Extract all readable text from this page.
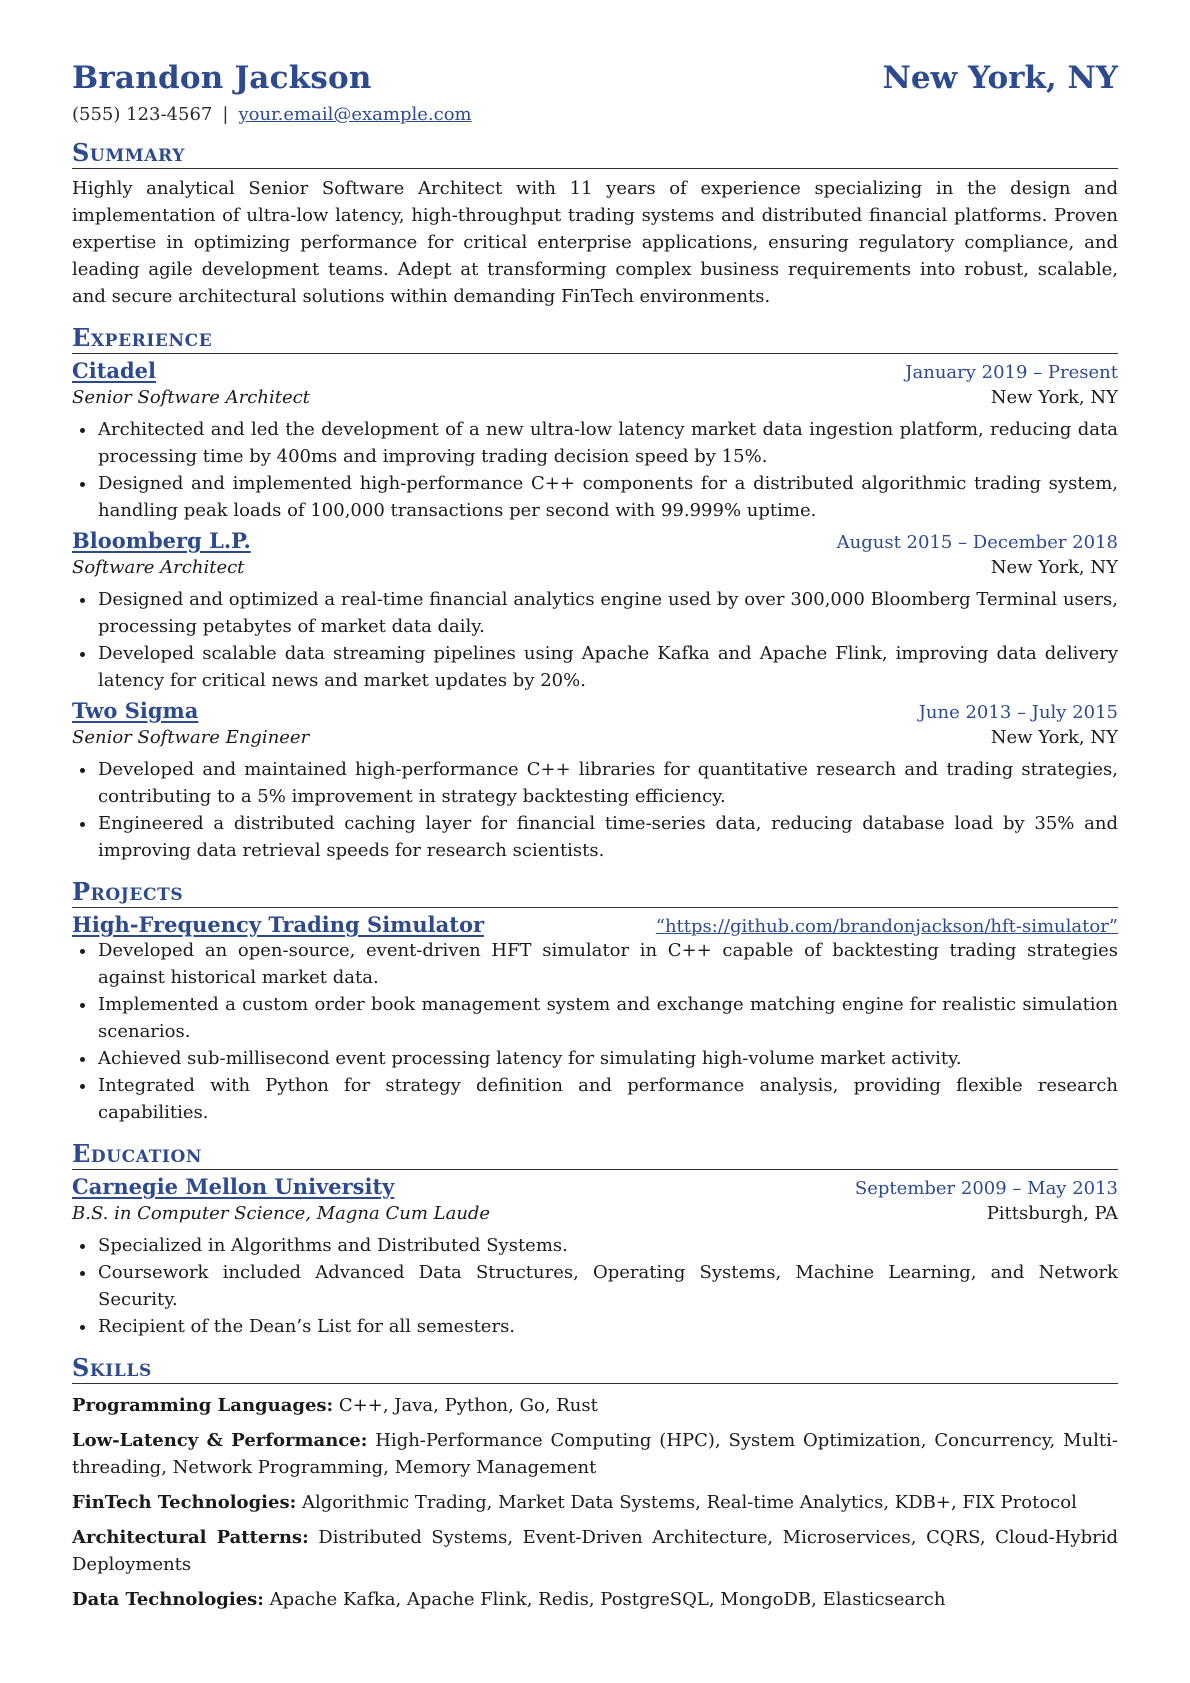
Brandon Jackson	New York, NY
(555) 123-4567 | your.email@example.com
Summary
Highly analytical Senior Software Architect with 11 years of experience specializing in the design and implementation of ultra-low latency, high-throughput trading systems and distributed financial platforms. Proven expertise in optimizing performance for critical enterprise applications, ensuring regulatory compliance, and leading agile development teams. Adept at transforming complex business requirements into robust, scalable, and secure architectural solutions within demanding FinTech environments.
Experience
Citadel	January 2019 – Present
Senior Software Architect	New York, NY
• Architected and led the development of a new ultra-low latency market data ingestion platform, reducing data processing time by 400ms and improving trading decision speed by 15%.
• Designed and implemented high-performance C++ components for a distributed algorithmic trading system, handling peak loads of 100,000 transactions per second with 99.999% uptime.
Bloomberg L.P.	August 2015 – December 2018
Software Architect	New York, NY
• Designed and optimized a real-time financial analytics engine used by over 300,000 Bloomberg Terminal users, processing petabytes of market data daily.
• Developed scalable data streaming pipelines using Apache Kafka and Apache Flink, improving data delivery latency for critical news and market updates by 20%.
Two Sigma	June 2013 – July 2015
Senior Software Engineer	New York, NY
• Developed and maintained high-performance C++ libraries for quantitative research and trading strategies, contributing to a 5% improvement in strategy backtesting efficiency.
• Engineered a distributed caching layer for financial time-series data, reducing database load by 35% and improving data retrieval speeds for research scientists.
Projects
High-Frequency Trading Simulator	“https://github.com/brandonjackson/hft-simulator”
• Developed an open-source, event-driven HFT simulator in C++ capable of backtesting trading strategies against historical market data.
• Implemented a custom order book management system and exchange matching engine for realistic simulation scenarios.
• Achieved sub-millisecond event processing latency for simulating high-volume market activity.
• Integrated with Python for strategy definition and performance analysis, providing flexible research capabilities.
Education
Carnegie Mellon University	September 2009 – May 2013
B.S. in Computer Science, Magna Cum Laude	Pittsburgh, PA
• Specialized in Algorithms and Distributed Systems.
• Coursework included Advanced Data Structures, Operating Systems, Machine Learning, and Network Security.
• Recipient of the Dean’s List for all semesters.
Skills
Programming Languages: C++, Java, Python, Go, Rust
Low-Latency & Performance: High-Performance Computing (HPC), System Optimization, Concurrency, Multi-threading, Network Programming, Memory Management
FinTech Technologies: Algorithmic Trading, Market Data Systems, Real-time Analytics, KDB+, FIX Protocol
Architectural Patterns: Distributed Systems, Event-Driven Architecture, Microservices, CQRS, Cloud-Hybrid Deployments
Data Technologies: Apache Kafka, Apache Flink, Redis, PostgreSQL, MongoDB, Elasticsearch
